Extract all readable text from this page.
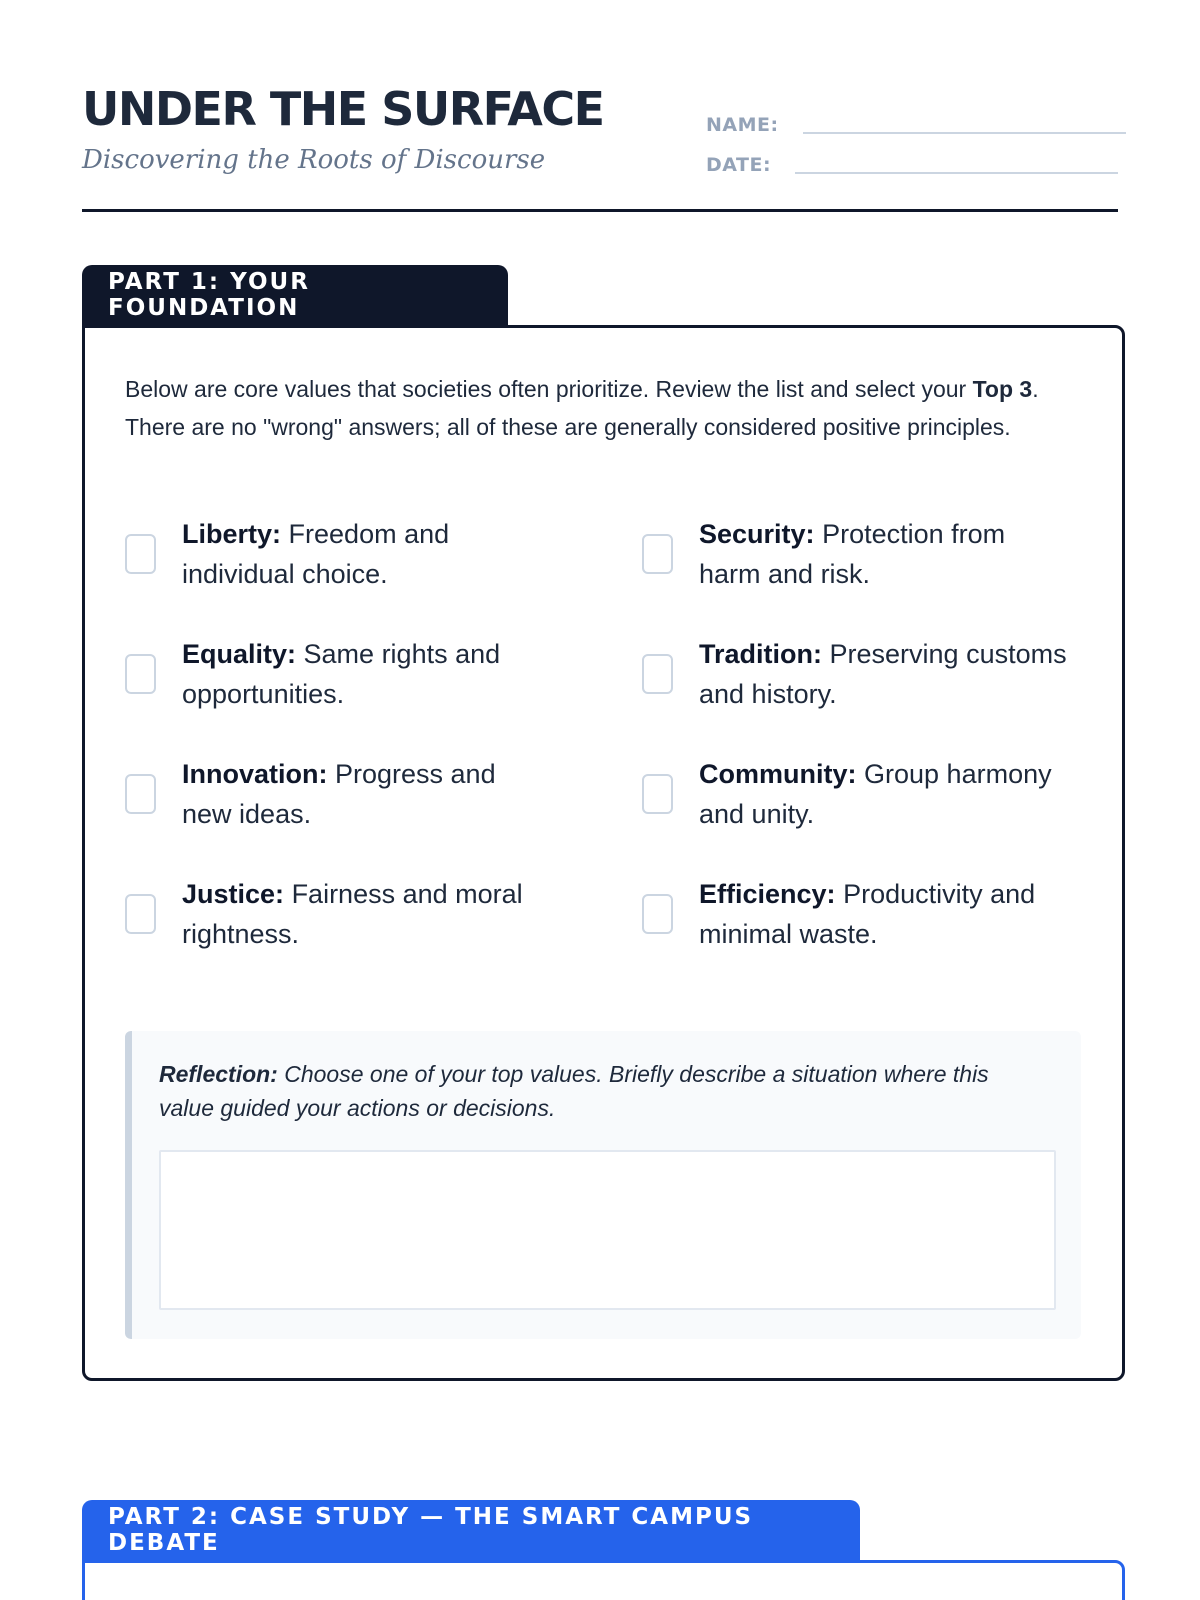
UNDER THE SURFACE
Discovering the Roots of Discourse
NAME:
DATE:
PART 1: YOUR FOUNDATION

Below are core values that societies often prioritize. Review the list and select your Top 3. There are no "wrong" answers; all of these are generally considered positive principles.

Liberty: Freedom and individual choice.
Security: Protection from harm and risk.
Equality: Same rights and opportunities.
Tradition: Preserving customs and history.
Innovation: Progress and new ideas.
Community: Group harmony and unity.
Justice: Fairness and moral rightness.
Efficiency: Productivity and minimal waste.

Reflection: Choose one of your top values. Briefly describe a situation where this value guided your actions or decisions.

PART 2: CASE STUDY — THE SMART CAMPUS DEBATE
